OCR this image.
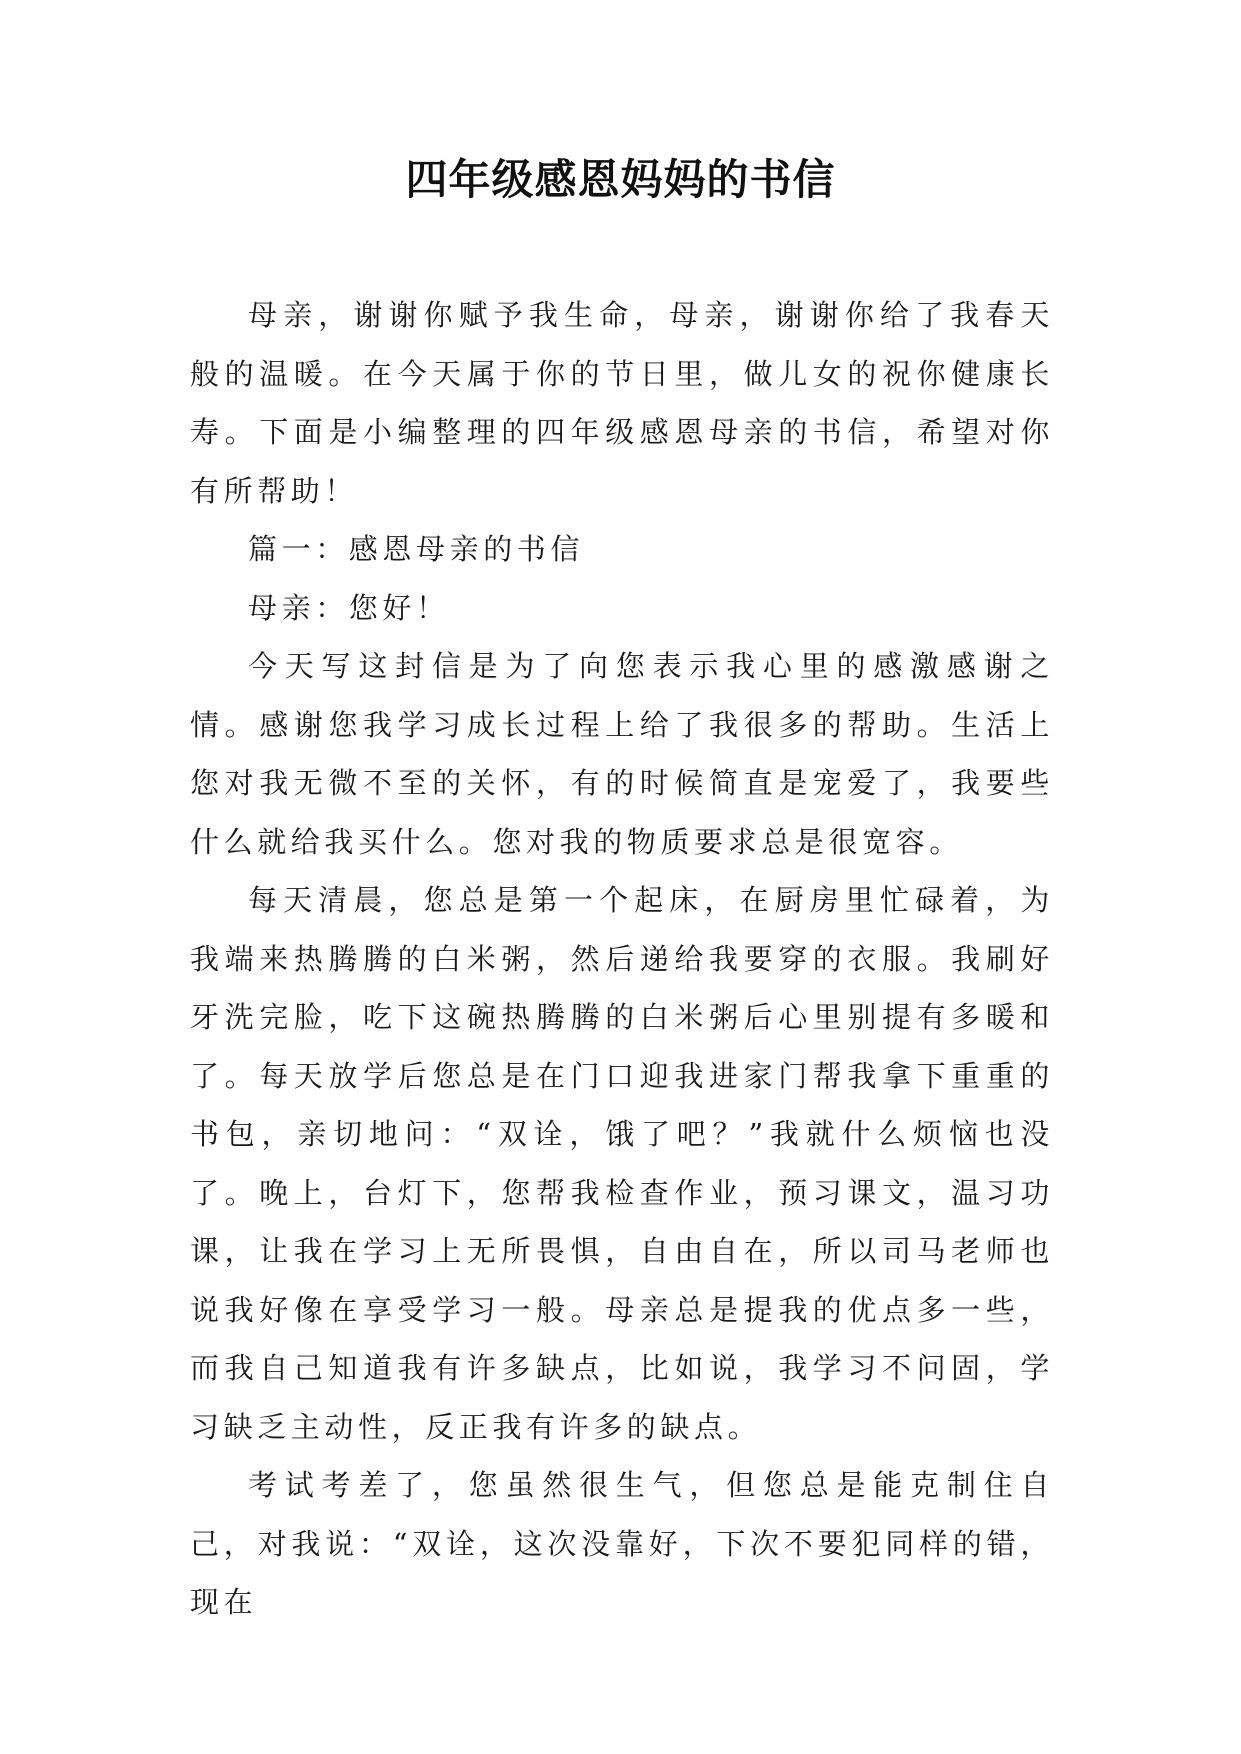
四年级感恩妈妈的书信

母亲，谢谢你赋予我生命，母亲，谢谢你给了我春天般的温暖。在今天属于你的节日里，做儿女的祝你健康长寿。下面是小编整理的四年级感恩母亲的书信，希望对你有所帮助！

篇一：感恩母亲的书信

母亲：您好！

今天写这封信是为了向您表示我心里的感激感谢之情。感谢您我学习成长过程上给了我很多的帮助。生活上您对我无微不至的关怀，有的时候简直是宠爱了，我要些什么就给我买什么。您对我的物质要求总是很宽容。

每天清晨，您总是第一个起床，在厨房里忙碌着，为我端来热腾腾的白米粥，然后递给我要穿的衣服。我刷好牙洗完脸，吃下这碗热腾腾的白米粥后心里别提有多暖和了。每天放学后您总是在门口迎我进家门帮我拿下重重的书包，亲切地问：“双诠，饿了吧？”我就什么烦恼也没了。晚上，台灯下，您帮我检查作业，预习课文，温习功课，让我在学习上无所畏惧，自由自在，所以司马老师也说我好像在享受学习一般。母亲总是提我的优点多一些，而我自己知道我有许多缺点，比如说，我学习不问固，学习缺乏主动性，反正我有许多的缺点。

考试考差了，您虽然很生气，但您总是能克制住自己，对我说：“双诠，这次没靠好，下次不要犯同样的错，现在
